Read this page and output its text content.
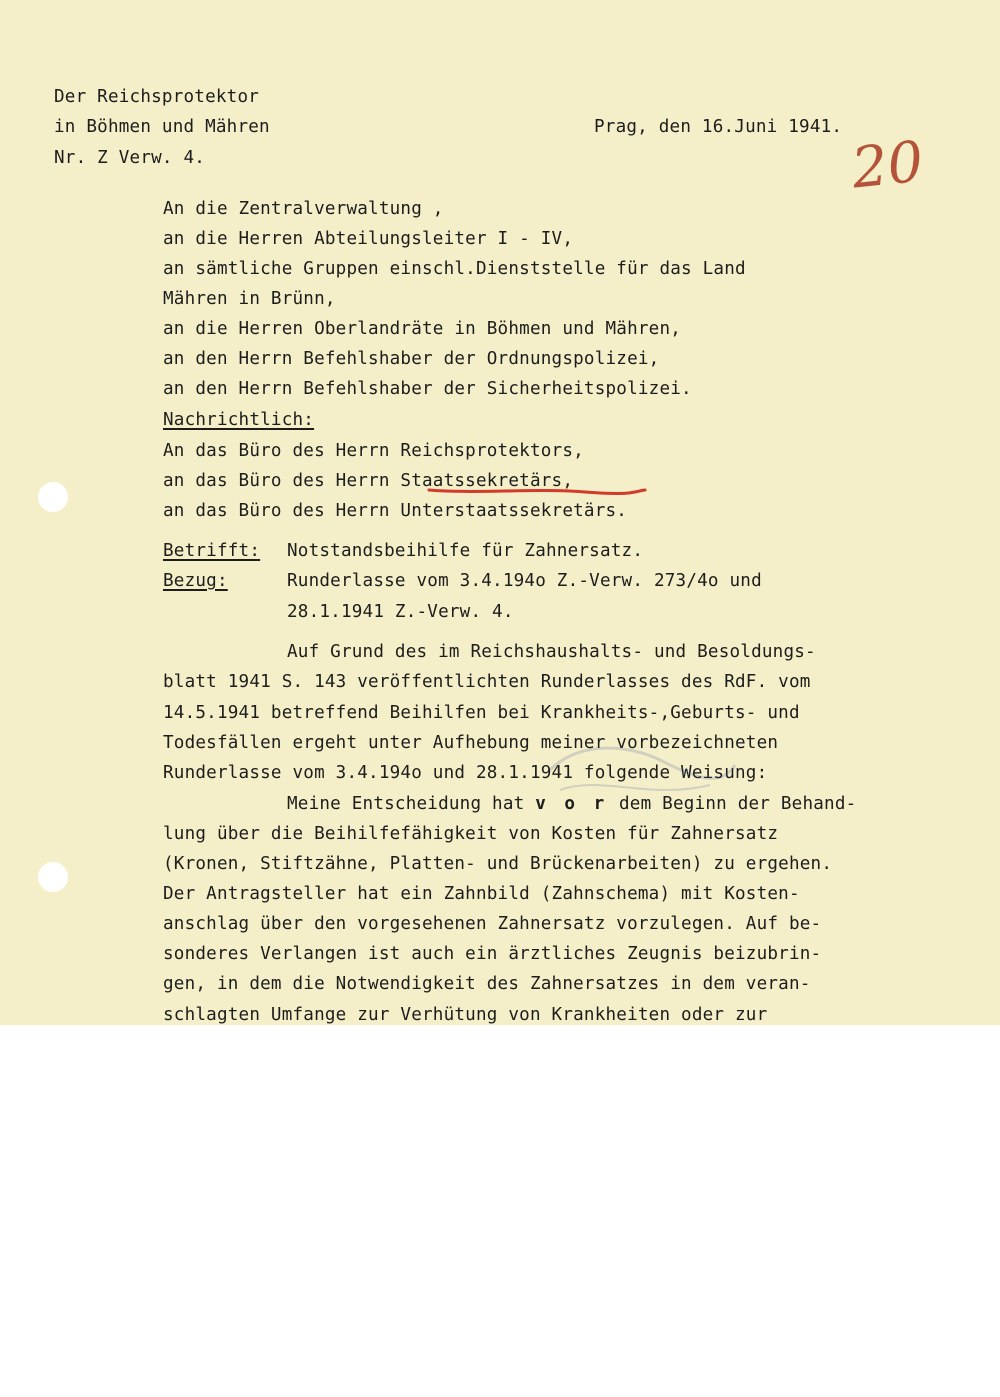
Der Reichsprotektor
in Böhmen und Mähren
Nr. Z Verw. 4.
Prag, den 16.Juni 1941.
20
An die Zentralverwaltung ,
an die Herren Abteilungsleiter I - IV,
an sämtliche Gruppen einschl.Dienststelle für das Land
Mähren in Brünn,
an die Herren Oberlandräte in Böhmen und Mähren,
an den Herrn Befehlshaber der Ordnungspolizei,
an den Herrn Befehlshaber der Sicherheitspolizei.
Nachrichtlich:
An das Büro des Herrn Reichsprotektors,
an das Büro des Herrn Staatssekretärs,
an das Büro des Herrn Unterstaatssekretärs.
Betrifft: Notstandsbeihilfe für Zahnersatz.
Bezug:	Runderlasse vom 3.4.194o Z.-Verw. 273/4o und
28.1.1941 Z.-Verw. 4.
Auf Grund des im Reichshaushalts- und Besoldungs-
blatt 1941 S. 143 veröffentlichten Runderlasses des RdF. vom
14.5.1941 betreffend Beihilfen bei Krankheits-,Geburts- und
Todesfällen ergeht unter Aufhebung meiner vorbezeichneten
Runderlasse vom 3.4.194o und 28.1.1941 folgende Weisung:
Meine Entscheidung hat v o r dem Beginn der Behand-
lung über die Beihilfefähigkeit von Kosten für Zahnersatz
(Kronen, Stiftzähne, Platten- und Brückenarbeiten) zu ergehen.
Der Antragsteller hat ein Zahnbild (Zahnschema) mit Kosten-
anschlag über den vorgesehenen Zahnersatz vorzulegen. Auf be-
sonderes Verlangen ist auch ein ärztliches Zeugnis beizubrin-
gen, in dem die Notwendigkeit des Zahnersatzes in dem veran-
schlagten Umfange zur Verhütung von Krankheiten oder zur
